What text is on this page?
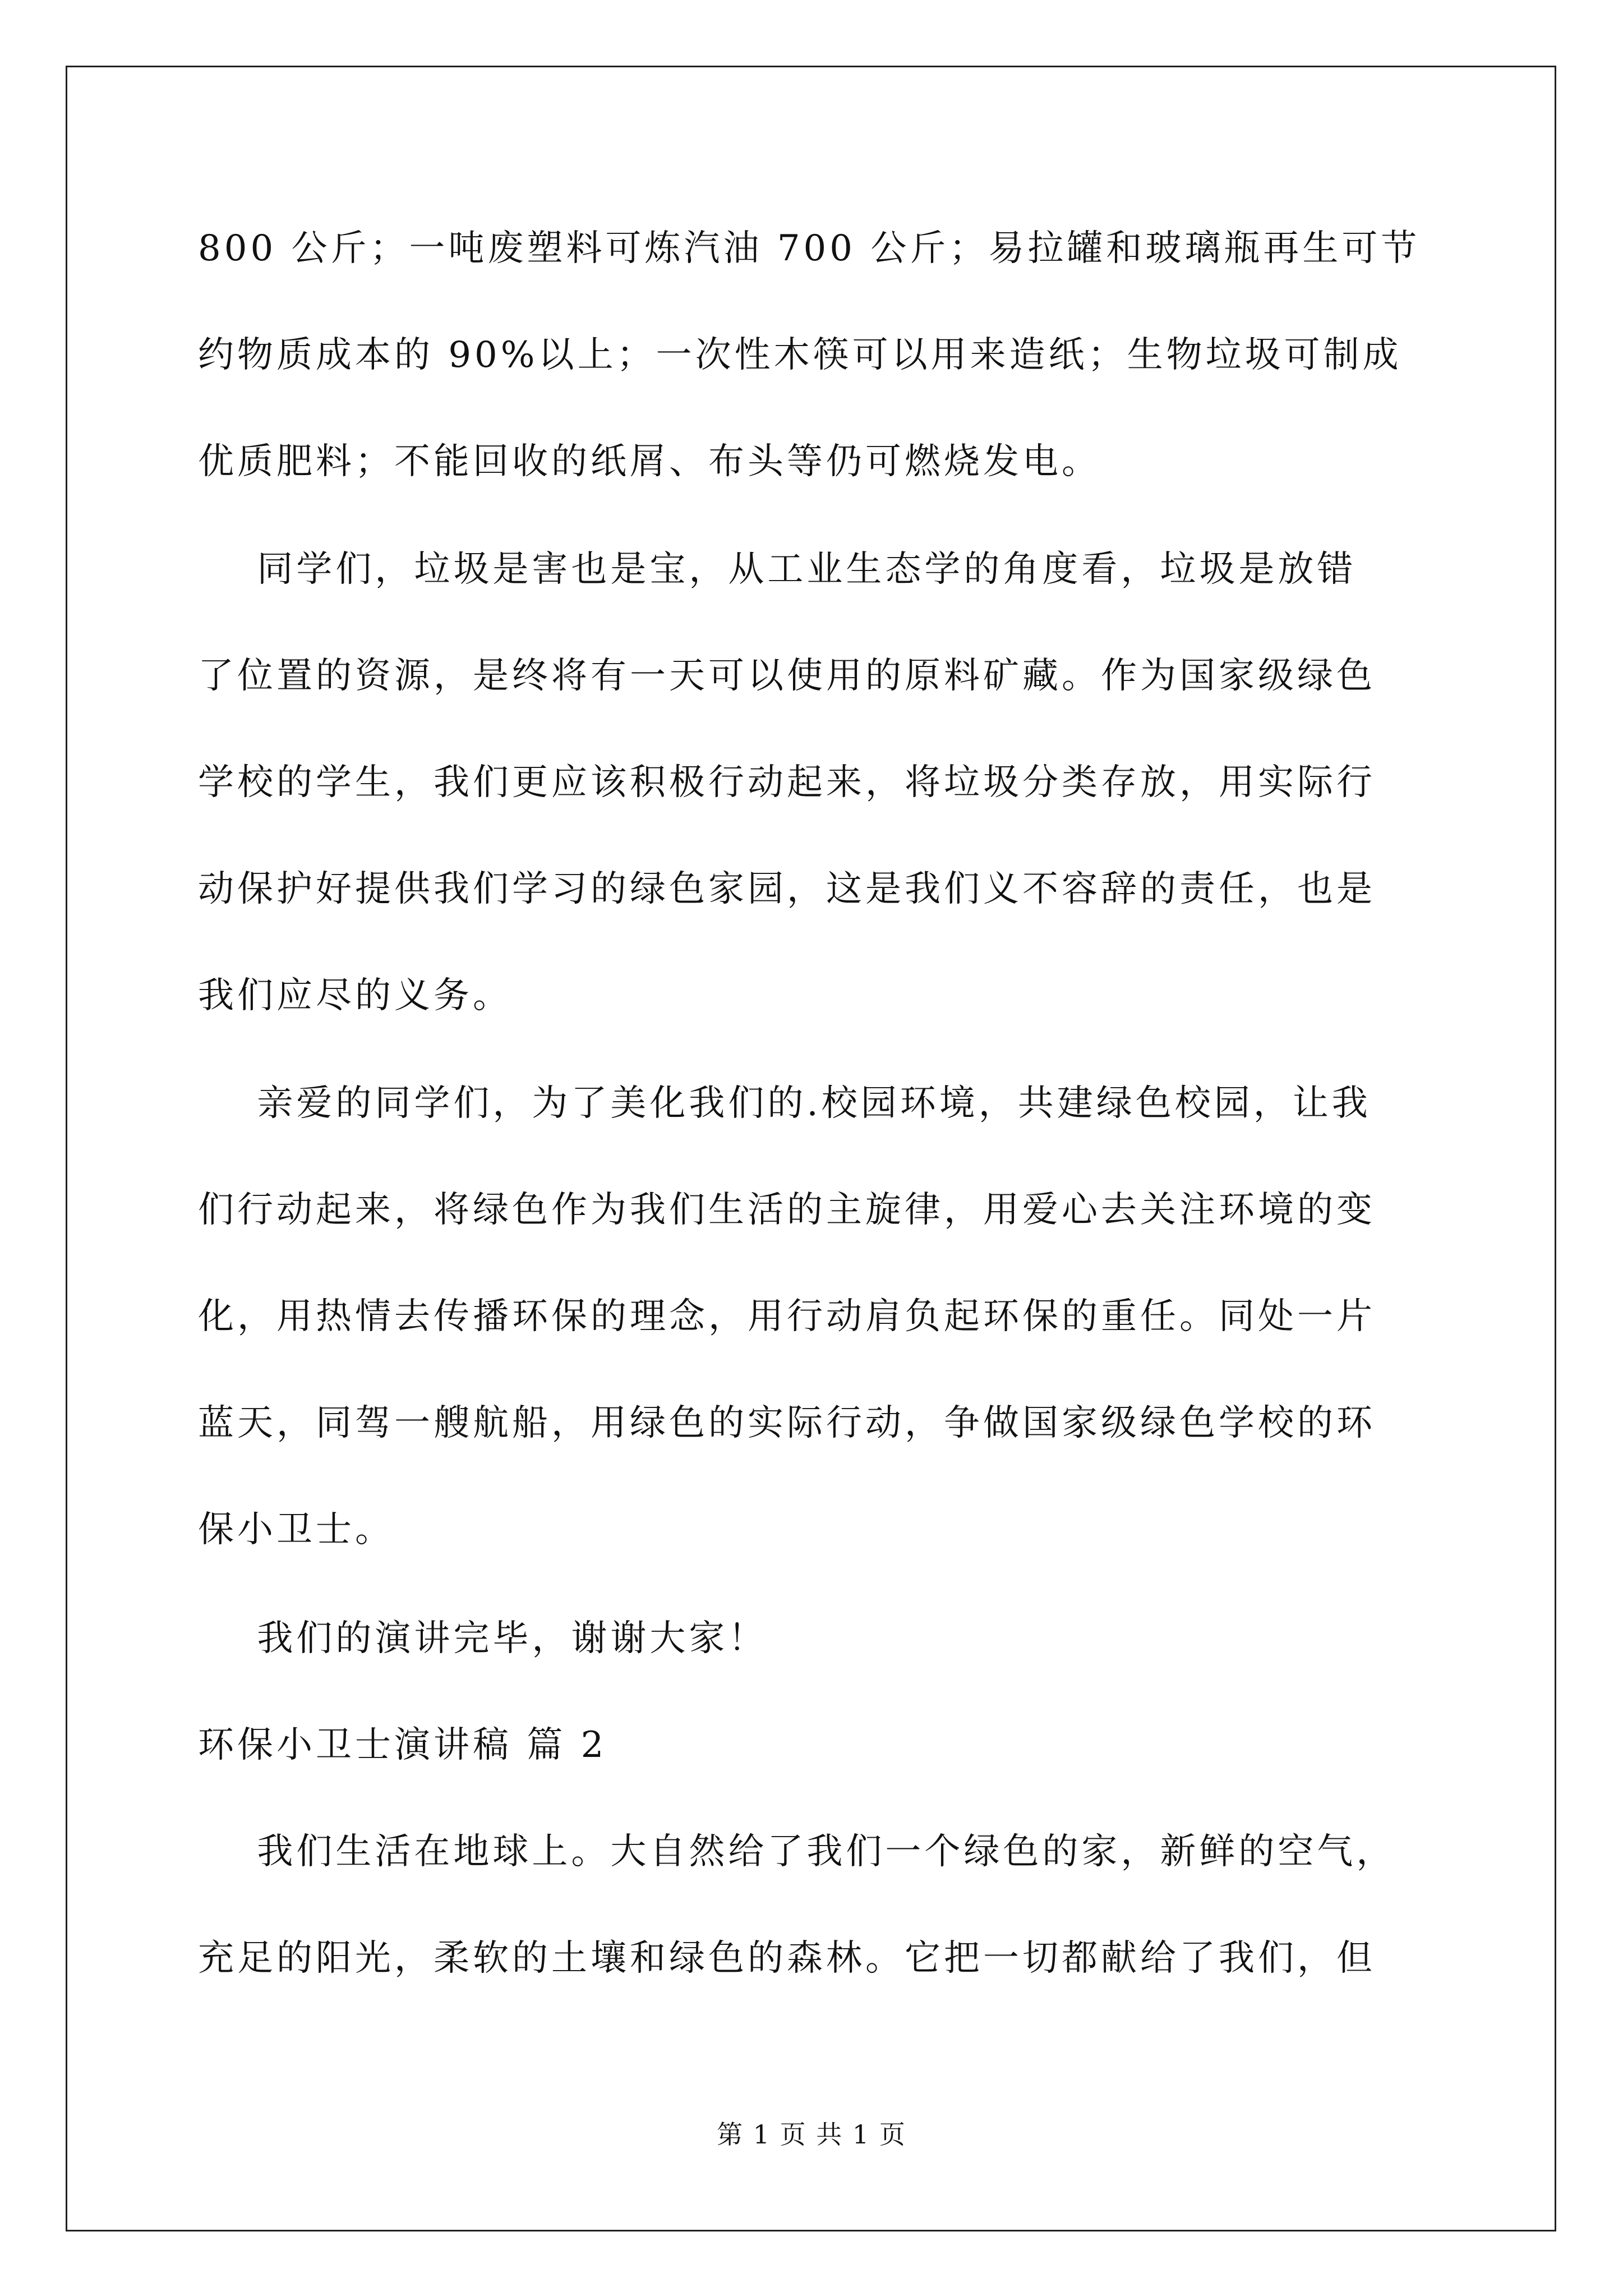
800 公斤；一吨废塑料可炼汽油 700 公斤；易拉罐和玻璃瓶再生可节
约物质成本的 90%以上；一次性木筷可以用来造纸；生物垃圾可制成
优质肥料；不能回收的纸屑、布头等仍可燃烧发电。

同学们，垃圾是害也是宝，从工业生态学的角度看，垃圾是放错
了位置的资源，是终将有一天可以使用的原料矿藏。作为国家级绿色
学校的学生，我们更应该积极行动起来，将垃圾分类存放，用实际行
动保护好提供我们学习的绿色家园，这是我们义不容辞的责任，也是
我们应尽的义务。

亲爱的同学们，为了美化我们的.校园环境，共建绿色校园，让我
们行动起来，将绿色作为我们生活的主旋律，用爱心去关注环境的变
化，用热情去传播环保的理念，用行动肩负起环保的重任。同处一片
蓝天，同驾一艘航船，用绿色的实际行动，争做国家级绿色学校的环
保小卫士。

我们的演讲完毕，谢谢大家！

环保小卫士演讲稿 篇 2

我们生活在地球上。大自然给了我们一个绿色的家，新鲜的空气，
充足的阳光，柔软的土壤和绿色的森林。它把一切都献给了我们，但

第 1 页 共 1 页
